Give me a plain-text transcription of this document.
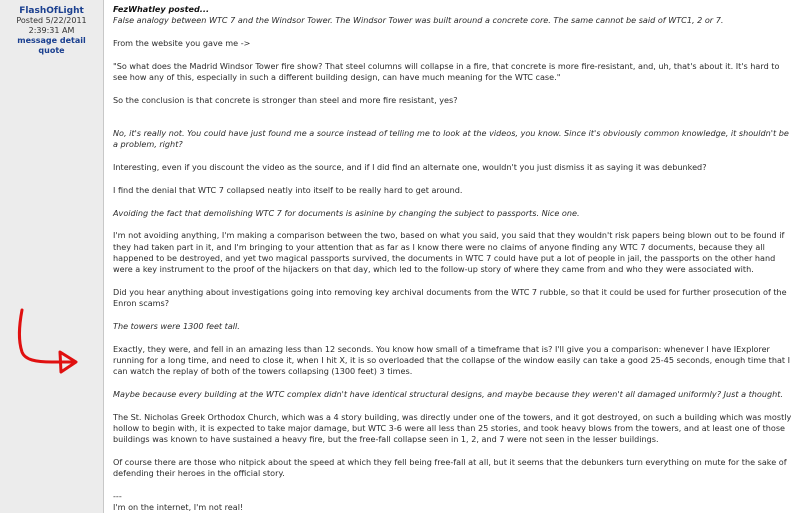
FlashOfLight
Posted 5/22/2011
2:39:31 AM
message detail
quote

FezWhatley posted...

False analogy between WTC 7 and the Windsor Tower. The Windsor Tower was built around a concrete core. The same cannot be said of WTC1, 2 or 7.

From the website you gave me ->

"So what does the Madrid Windsor Tower fire show? That steel columns will collapse in a fire, that concrete is more fire-resistant, and, uh, that's about it. It's hard to see how any of this, especially in such a different building design, can have much meaning for the WTC case."

So the conclusion is that concrete is stronger than steel and more fire resistant, yes?

No, it's really not. You could have just found me a source instead of telling me to look at the videos, you know. Since it's obviously common knowledge, it shouldn't be a problem, right?

Interesting, even if you discount the video as the source, and if I did find an alternate one, wouldn't you just dismiss it as saying it was debunked?

I find the denial that WTC 7 collapsed neatly into itself to be really hard to get around.

Avoiding the fact that demolishing WTC 7 for documents is asinine by changing the subject to passports. Nice one.

I'm not avoiding anything, I'm making a comparison between the two, based on what you said, you said that they wouldn't risk papers being blown out to be found if they had taken part in it, and I'm bringing to your attention that as far as I know there were no claims of anyone finding any WTC 7 documents, because they all happened to be destroyed, and yet two magical passports survived, the documents in WTC 7 could have put a lot of people in jail, the passports on the other hand were a key instrument to the proof of the hijackers on that day, which led to the follow-up story of where they came from and who they were associated with.

Did you hear anything about investigations going into removing key archival documents from the WTC 7 rubble, so that it could be used for further prosecution of the Enron scams?

The towers were 1300 feet tall.

Exactly, they were, and fell in an amazing less than 12 seconds. You know how small of a timeframe that is? I'll give you a comparison: whenever I have IExplorer running for a long time, and need to close it, when I hit X, it is so overloaded that the collapse of the window easily can take a good 25-45 seconds, enough time that I can watch the replay of both of the towers collapsing (1300 feet) 3 times.

Maybe because every building at the WTC complex didn't have identical structural designs, and maybe because they weren't all damaged uniformly? Just a thought.

The St. Nicholas Greek Orthodox Church, which was a 4 story building, was directly under one of the towers, and it got destroyed, on such a building which was mostly hollow to begin with, it is expected to take major damage, but WTC 3-6 were all less than 25 stories, and took heavy blows from the towers, and at least one of those buildings was known to have sustained a heavy fire, but the free-fall collapse seen in 1, 2, and 7 were not seen in the lesser buildings.

Of course there are those who nitpick about the speed at which they fell being free-fall at all, but it seems that the debunkers turn everything on mute for the sake of defending their heroes in the official story.

---

I'm on the internet, I'm not real!
